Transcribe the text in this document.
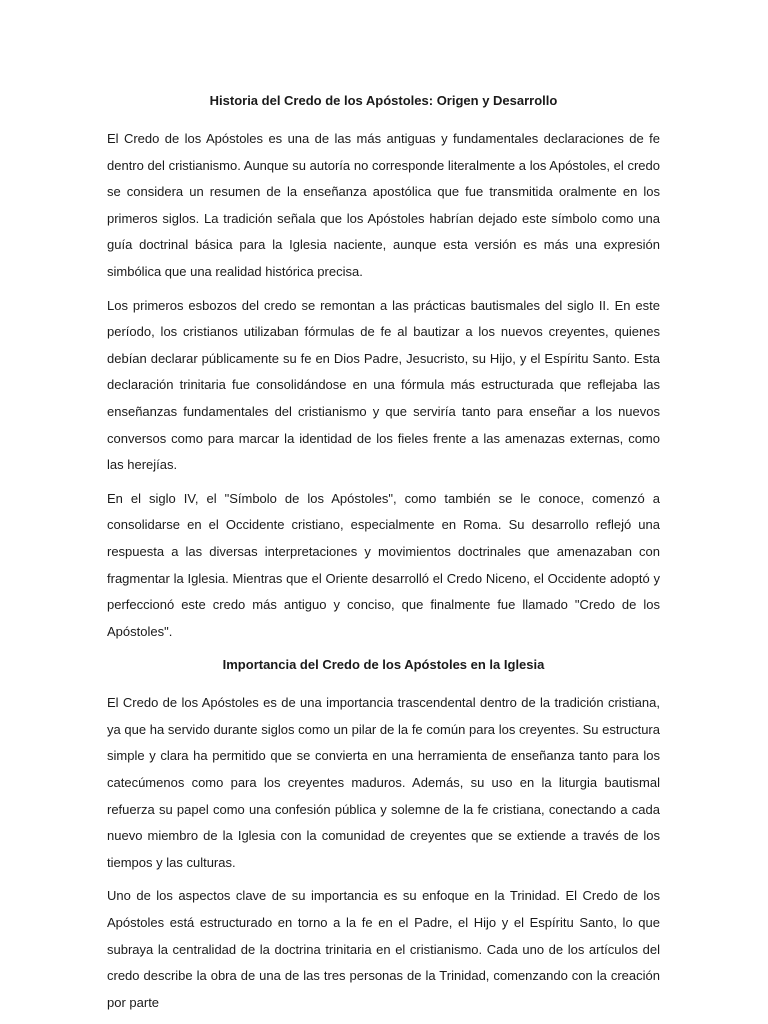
Historia del Credo de los Apóstoles: Origen y Desarrollo

El Credo de los Apóstoles es una de las más antiguas y fundamentales declaraciones de fe dentro del cristianismo. Aunque su autoría no corresponde literalmente a los Apóstoles, el credo se considera un resumen de la enseñanza apostólica que fue transmitida oralmente en los primeros siglos. La tradición señala que los Apóstoles habrían dejado este símbolo como una guía doctrinal básica para la Iglesia naciente, aunque esta versión es más una expresión simbólica que una realidad histórica precisa.

Los primeros esbozos del credo se remontan a las prácticas bautismales del siglo II. En este período, los cristianos utilizaban fórmulas de fe al bautizar a los nuevos creyentes, quienes debían declarar públicamente su fe en Dios Padre, Jesucristo, su Hijo, y el Espíritu Santo. Esta declaración trinitaria fue consolidándose en una fórmula más estructurada que reflejaba las enseñanzas fundamentales del cristianismo y que serviría tanto para enseñar a los nuevos conversos como para marcar la identidad de los fieles frente a las amenazas externas, como las herejías.

En el siglo IV, el "Símbolo de los Apóstoles", como también se le conoce, comenzó a consolidarse en el Occidente cristiano, especialmente en Roma. Su desarrollo reflejó una respuesta a las diversas interpretaciones y movimientos doctrinales que amenazaban con fragmentar la Iglesia. Mientras que el Oriente desarrolló el Credo Niceno, el Occidente adoptó y perfeccionó este credo más antiguo y conciso, que finalmente fue llamado "Credo de los Apóstoles".

Importancia del Credo de los Apóstoles en la Iglesia

El Credo de los Apóstoles es de una importancia trascendental dentro de la tradición cristiana, ya que ha servido durante siglos como un pilar de la fe común para los creyentes. Su estructura simple y clara ha permitido que se convierta en una herramienta de enseñanza tanto para los catecúmenos como para los creyentes maduros. Además, su uso en la liturgia bautismal refuerza su papel como una confesión pública y solemne de la fe cristiana, conectando a cada nuevo miembro de la Iglesia con la comunidad de creyentes que se extiende a través de los tiempos y las culturas.

Uno de los aspectos clave de su importancia es su enfoque en la Trinidad. El Credo de los Apóstoles está estructurado en torno a la fe en el Padre, el Hijo y el Espíritu Santo, lo que subraya la centralidad de la doctrina trinitaria en el cristianismo. Cada uno de los artículos del credo describe la obra de una de las tres personas de la Trinidad, comenzando con la creación por parte
